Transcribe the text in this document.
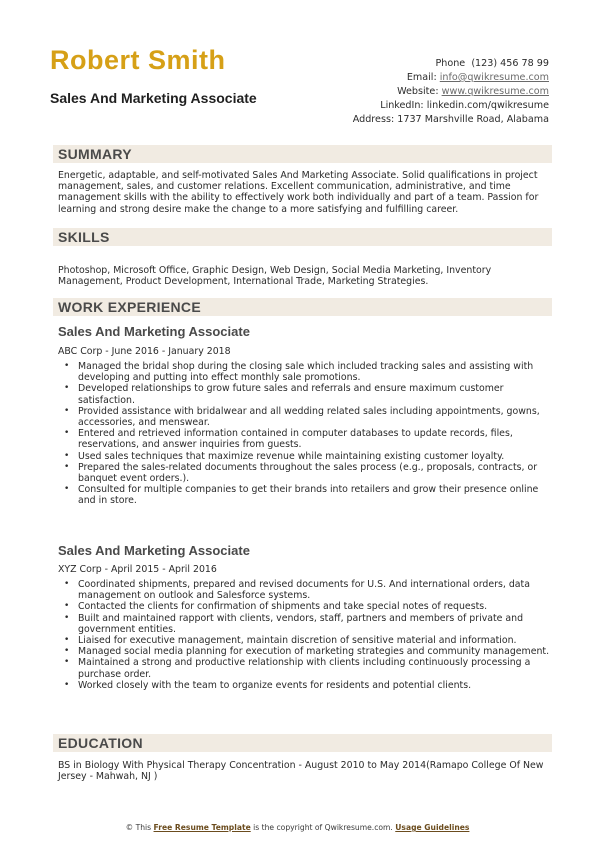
Robert Smith
Sales And Marketing Associate
Phone (123) 456 78 99
Email: info@qwikresume.com
Website: www.qwikresume.com
LinkedIn: linkedin.com/qwikresume
Address: 1737 Marshville Road, Alabama
SUMMARY
Energetic, adaptable, and self-motivated Sales And Marketing Associate. Solid qualifications in project management, sales, and customer relations. Excellent communication, administrative, and time management skills with the ability to effectively work both individually and part of a team. Passion for learning and strong desire make the change to a more satisfying and fulfilling career.
SKILLS
Photoshop, Microsoft Office, Graphic Design, Web Design, Social Media Marketing, Inventory Management, Product Development, International Trade, Marketing Strategies.
WORK EXPERIENCE
Sales And Marketing Associate
ABC Corp - June 2016 - January 2018
• Managed the bridal shop during the closing sale which included tracking sales and assisting with developing and putting into effect monthly sale promotions.
• Developed relationships to grow future sales and referrals and ensure maximum customer satisfaction.
• Provided assistance with bridalwear and all wedding related sales including appointments, gowns, accessories, and menswear.
• Entered and retrieved information contained in computer databases to update records, files, reservations, and answer inquiries from guests.
• Used sales techniques that maximize revenue while maintaining existing customer loyalty.
• Prepared the sales-related documents throughout the sales process (e.g., proposals, contracts, or banquet event orders.).
• Consulted for multiple companies to get their brands into retailers and grow their presence online and in store.
Sales And Marketing Associate
XYZ Corp - April 2015 - April 2016
• Coordinated shipments, prepared and revised documents for U.S. And international orders, data management on outlook and Salesforce systems.
• Contacted the clients for confirmation of shipments and take special notes of requests.
• Built and maintained rapport with clients, vendors, staff, partners and members of private and government entities.
• Liaised for executive management, maintain discretion of sensitive material and information.
• Managed social media planning for execution of marketing strategies and community management.
• Maintained a strong and productive relationship with clients including continuously processing a purchase order.
• Worked closely with the team to organize events for residents and potential clients.
EDUCATION
BS in Biology With Physical Therapy Concentration - August 2010 to May 2014(Ramapo College Of New Jersey - Mahwah, NJ )
© This Free Resume Template is the copyright of Qwikresume.com. Usage Guidelines
